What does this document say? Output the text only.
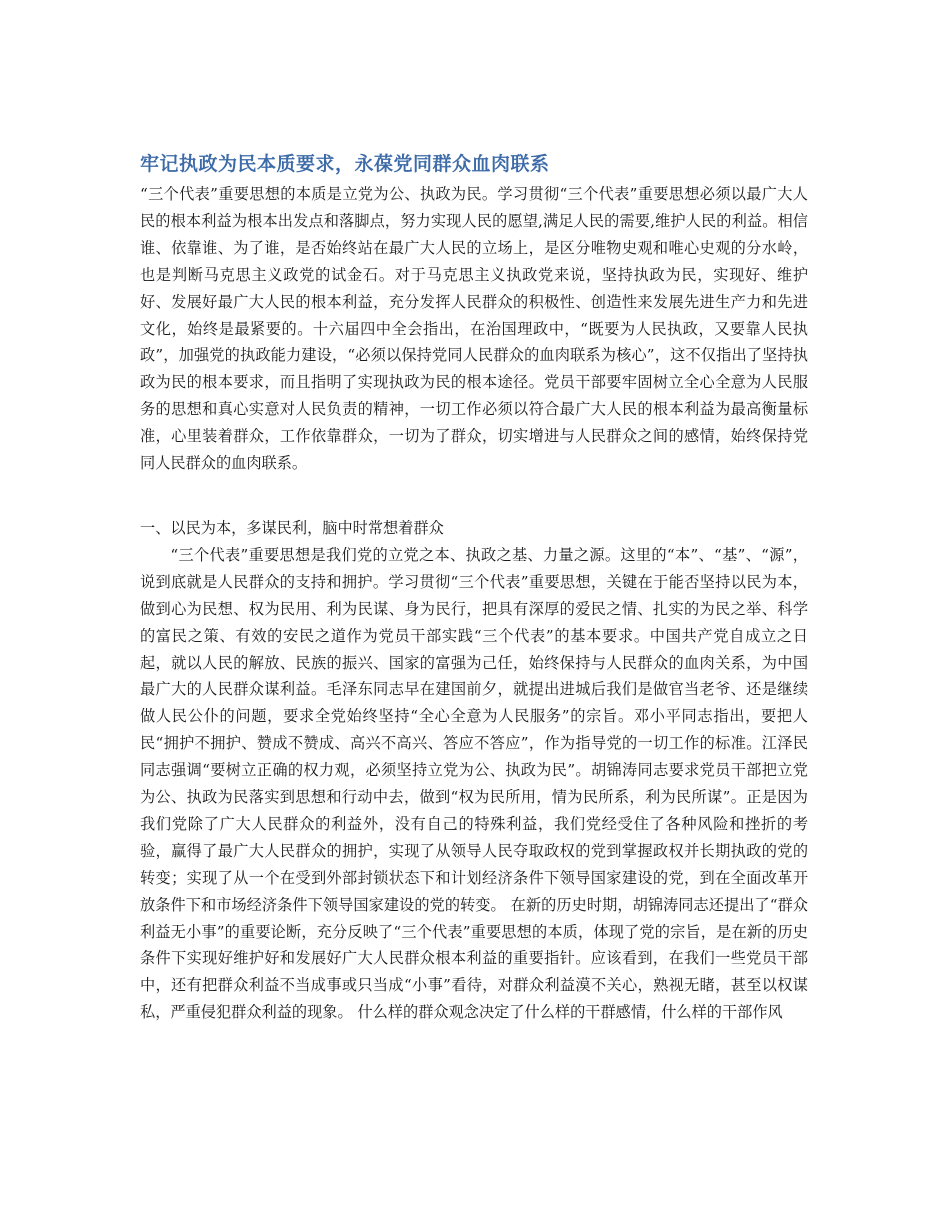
牢记执政为民本质要求，永葆党同群众血肉联系

“三个代表”重要思想的本质是立党为公、执政为民。学习贯彻“三个代表”重要思想必须以最广大人民的根本利益为根本出发点和落脚点，努力实现人民的愿望,满足人民的需要,维护人民的利益。相信谁、依靠谁、为了谁，是否始终站在最广大人民的立场上，是区分唯物史观和唯心史观的分水岭，也是判断马克思主义政党的试金石。对于马克思主义执政党来说，坚持执政为民，实现好、维护好、发展好最广大人民的根本利益，充分发挥人民群众的积极性、创造性来发展先进生产力和先进文化，始终是最紧要的。十六届四中全会指出，在治国理政中，“既要为人民执政，又要靠人民执政”，加强党的执政能力建设，“必须以保持党同人民群众的血肉联系为核心”，这不仅指出了坚持执政为民的根本要求，而且指明了实现执政为民的根本途径。党员干部要牢固树立全心全意为人民服务的思想和真心实意对人民负责的精神，一切工作必须以符合最广大人民的根本利益为最高衡量标准，心里装着群众，工作依靠群众，一切为了群众，切实增进与人民群众之间的感情，始终保持党同人民群众的血肉联系。

一、以民为本，多谋民利，脑中时常想着群众

“三个代表”重要思想是我们党的立党之本、执政之基、力量之源。这里的“本”、“基”、“源”，说到底就是人民群众的支持和拥护。学习贯彻“三个代表”重要思想，关键在于能否坚持以民为本，做到心为民想、权为民用、利为民谋、身为民行，把具有深厚的爱民之情、扎实的为民之举、科学的富民之策、有效的安民之道作为党员干部实践“三个代表”的基本要求。中国共产党自成立之日起，就以人民的解放、民族的振兴、国家的富强为己任，始终保持与人民群众的血肉关系，为中国最广大的人民群众谋利益。毛泽东同志早在建国前夕，就提出进城后我们是做官当老爷、还是继续做人民公仆的问题，要求全党始终坚持“全心全意为人民服务”的宗旨。邓小平同志指出，要把人民“拥护不拥护、赞成不赞成、高兴不高兴、答应不答应”，作为指导党的一切工作的标准。江泽民同志强调“要树立正确的权力观，必须坚持立党为公、执政为民”。胡锦涛同志要求党员干部把立党为公、执政为民落实到思想和行动中去，做到“权为民所用，情为民所系，利为民所谋”。正是因为我们党除了广大人民群众的利益外，没有自己的特殊利益，我们党经受住了各种风险和挫折的考验，赢得了最广大人民群众的拥护，实现了从领导人民夺取政权的党到掌握政权并长期执政的党的转变；实现了从一个在受到外部封锁状态下和计划经济条件下领导国家建设的党，到在全面改革开放条件下和市场经济条件下领导国家建设的党的转变。 在新的历史时期，胡锦涛同志还提出了“群众利益无小事”的重要论断，充分反映了“三个代表”重要思想的本质，体现了党的宗旨，是在新的历史条件下实现好维护好和发展好广大人民群众根本利益的重要指针。应该看到，在我们一些党员干部中，还有把群众利益不当成事或只当成“小事”看待，对群众利益漠不关心，熟视无睹，甚至以权谋私，严重侵犯群众利益的现象。 什么样的群众观念决定了什么样的干群感情，什么样的干部作风
